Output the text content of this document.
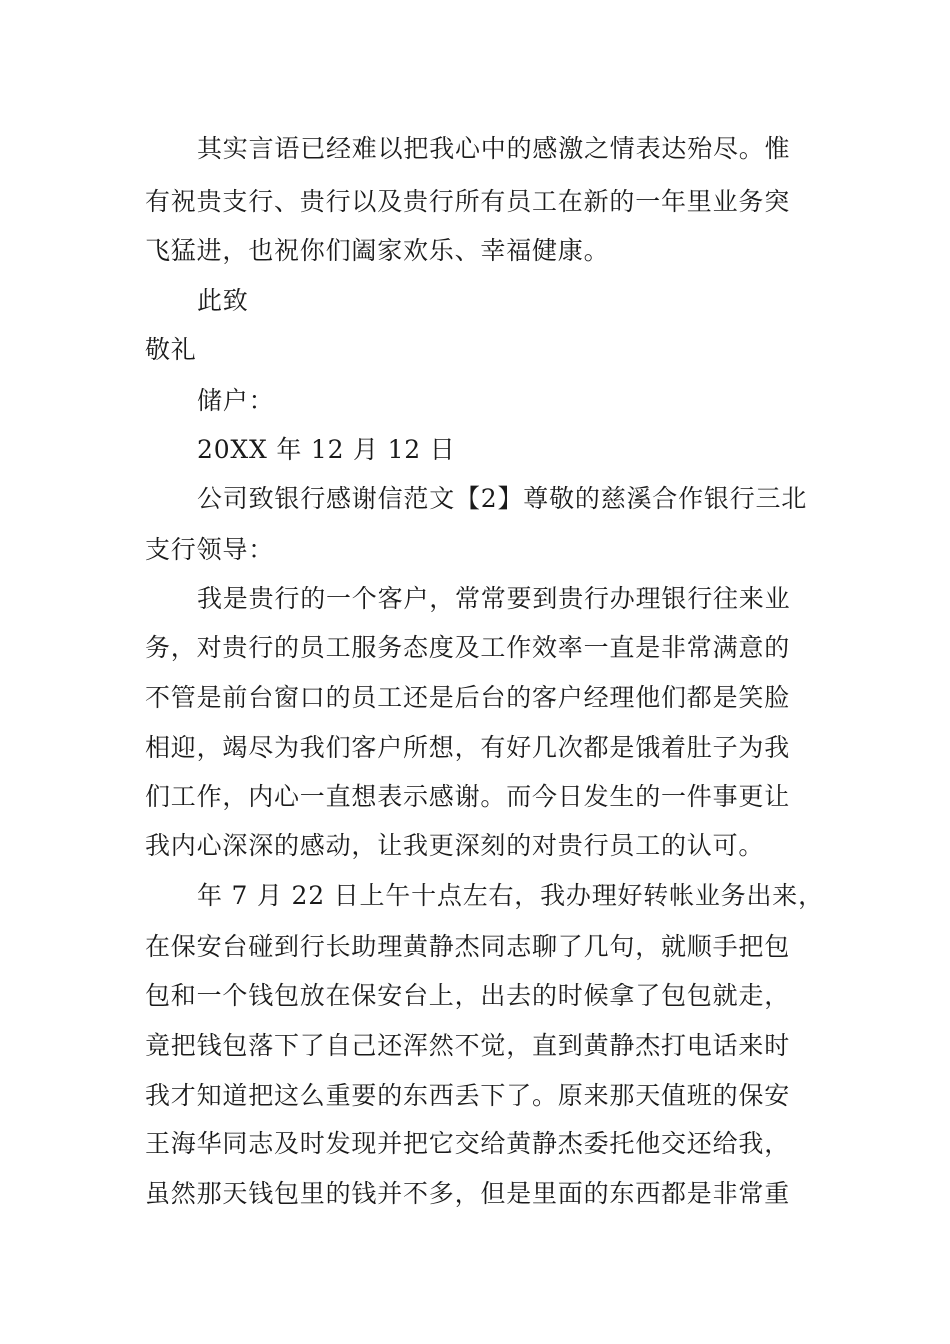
其实言语已经难以把我心中的感激之情表达殆尽。惟
有祝贵支行、贵行以及贵行所有员工在新的一年里业务突
飞猛进，也祝你们阖家欢乐、幸福健康。
此致
敬礼
储户：
20XX 年 12 月 12 日
公司致银行感谢信范文【2】尊敬的慈溪合作银行三北
支行领导：
我是贵行的一个客户，常常要到贵行办理银行往来业
务，对贵行的员工服务态度及工作效率一直是非常满意的
不管是前台窗口的员工还是后台的客户经理他们都是笑脸
相迎，竭尽为我们客户所想，有好几次都是饿着肚子为我
们工作，内心一直想表示感谢。而今日发生的一件事更让
我内心深深的感动，让我更深刻的对贵行员工的认可。
年 7 月 22 日上午十点左右，我办理好转帐业务出来，
在保安台碰到行长助理黄静杰同志聊了几句，就顺手把包
包和一个钱包放在保安台上，出去的时候拿了包包就走，
竟把钱包落下了自己还浑然不觉，直到黄静杰打电话来时
我才知道把这么重要的东西丢下了。原来那天值班的保安
王海华同志及时发现并把它交给黄静杰委托他交还给我，
虽然那天钱包里的钱并不多，但是里面的东西都是非常重
